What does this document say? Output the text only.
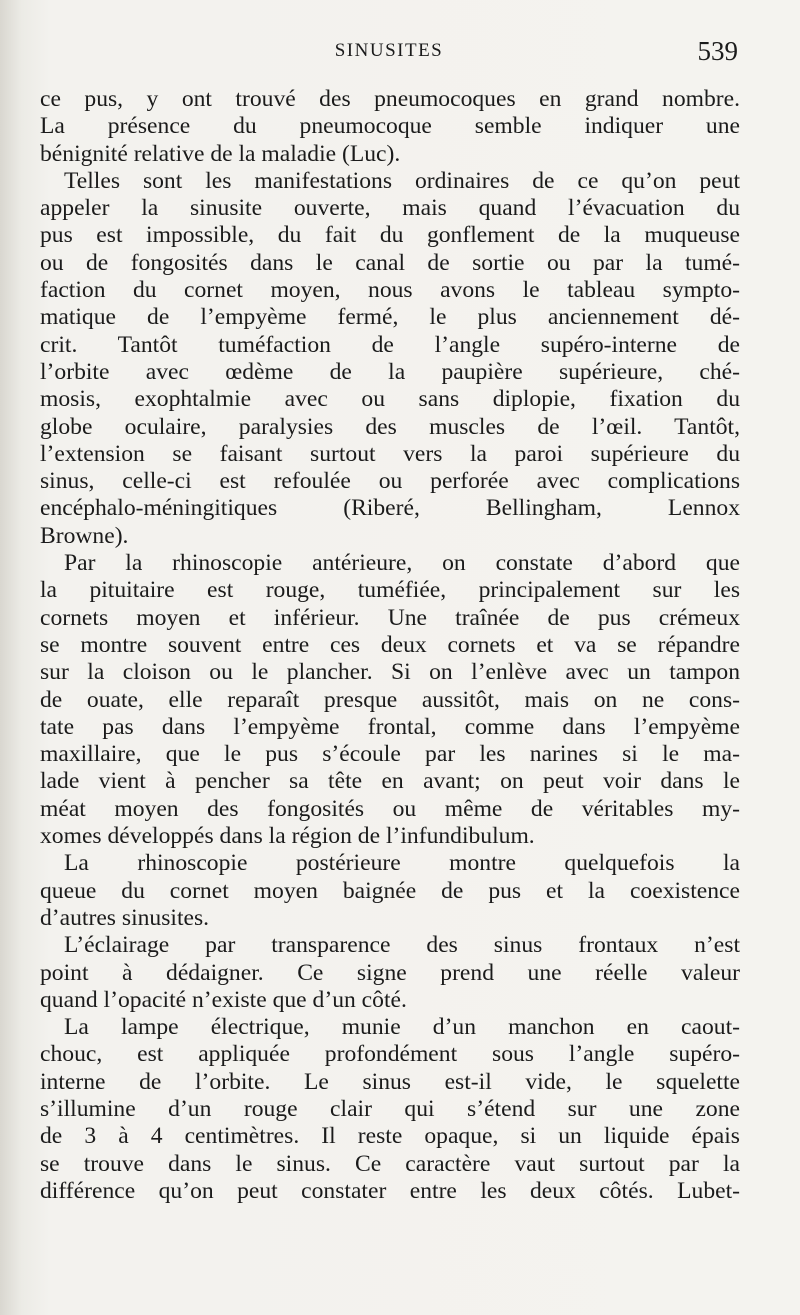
SINUSITES	539
ce pus, y ont trouvé des pneumocoques en grand nombre.
La présence du pneumocoque semble indiquer une
bénignité relative de la maladie (Luc).
Telles sont les manifestations ordinaires de ce qu’on peut
appeler la sinusite ouverte, mais quand l’évacuation du
pus est impossible, du fait du gonflement de la muqueuse
ou de fongosités dans le canal de sortie ou par la tumé-
faction du cornet moyen, nous avons le tableau sympto-
matique de l’empyème fermé, le plus anciennement dé-
crit. Tantôt tuméfaction de l’angle supéro-interne de
l’orbite avec œdème de la paupière supérieure, ché-
mosis, exophtalmie avec ou sans diplopie, fixation du
globe oculaire, paralysies des muscles de l’œil. Tantôt,
l’extension se faisant surtout vers la paroi supérieure du
sinus, celle-ci est refoulée ou perforée avec complications
encéphalo-méningitiques (Riberé, Bellingham, Lennox
Browne).
Par la rhinoscopie antérieure, on constate d’abord que
la pituitaire est rouge, tuméfiée, principalement sur les
cornets moyen et inférieur. Une traînée de pus crémeux
se montre souvent entre ces deux cornets et va se répandre
sur la cloison ou le plancher. Si on l’enlève avec un tampon
de ouate, elle reparaît presque aussitôt, mais on ne cons-
tate pas dans l’empyème frontal, comme dans l’empyème
maxillaire, que le pus s’écoule par les narines si le ma-
lade vient à pencher sa tête en avant; on peut voir dans le
méat moyen des fongosités ou même de véritables my-
xomes développés dans la région de l’infundibulum.
La rhinoscopie postérieure montre quelquefois la
queue du cornet moyen baignée de pus et la coexistence
d’autres sinusites.
L’éclairage par transparence des sinus frontaux n’est
point à dédaigner. Ce signe prend une réelle valeur
quand l’opacité n’existe que d’un côté.
La lampe électrique, munie d’un manchon en caout-
chouc, est appliquée profondément sous l’angle supéro-
interne de l’orbite. Le sinus est-il vide, le squelette
s’illumine d’un rouge clair qui s’étend sur une zone
de 3 à 4 centimètres. Il reste opaque, si un liquide épais
se trouve dans le sinus. Ce caractère vaut surtout par la
différence qu’on peut constater entre les deux côtés. Lubet-
